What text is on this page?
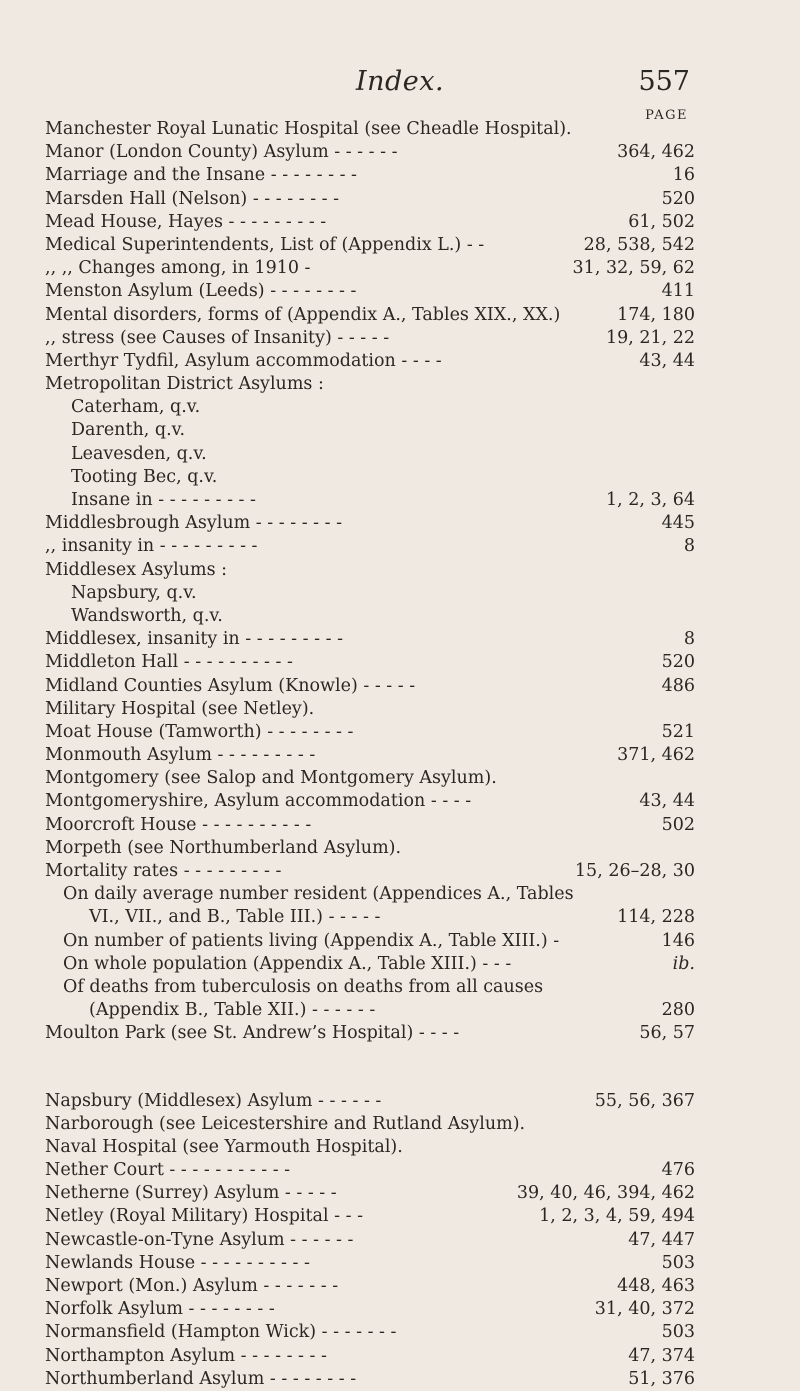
Index.	557
PAGE
Manchester Royal Lunatic Hospital (see Cheadle Hospital).
Manor (London County) Asylum - - - - - -	364, 462
Marriage and the Insane - - - - - - - -	16
Marsden Hall (Nelson) - - - - - - - -	520
Mead House, Hayes - - - - - - - - -	61, 502
Medical Superintendents, List of (Appendix L.) - -	28, 538, 542
,, ,, Changes among, in 1910 -	31, 32, 59, 62
Menston Asylum (Leeds) - - - - - - - -	411
Mental disorders, forms of (Appendix A., Tables XIX., XX.)	174, 180
,, stress (see Causes of Insanity) - - - - -	19, 21, 22
Merthyr Tydfil, Asylum accommodation - - - -	43, 44
Metropolitan District Asylums :
Caterham, q.v.
Darenth, q.v.
Leavesden, q.v.
Tooting Bec, q.v.
Insane in - - - - - - - - -	1, 2, 3, 64
Middlesbrough Asylum - - - - - - - -	445
,, insanity in - - - - - - - - -	8
Middlesex Asylums :
Napsbury, q.v.
Wandsworth, q.v.
Middlesex, insanity in - - - - - - - - -	8
Middleton Hall - - - - - - - - - -	520
Midland Counties Asylum (Knowle) - - - - -	486
Military Hospital (see Netley).
Moat House (Tamworth) - - - - - - - -	521
Monmouth Asylum - - - - - - - - -	371, 462
Montgomery (see Salop and Montgomery Asylum).
Montgomeryshire, Asylum accommodation - - - -	43, 44
Moorcroft House - - - - - - - - - -	502
Morpeth (see Northumberland Asylum).
Mortality rates - - - - - - - - -	15, 26–28, 30
On daily average number resident (Appendices A., Tables
VI., VII., and B., Table III.) - - - - -	114, 228
On number of patients living (Appendix A., Table XIII.) -	146
On whole population (Appendix A., Table XIII.) - - -	ib.
Of deaths from tuberculosis on deaths from all causes
(Appendix B., Table XII.) - - - - - -	280
Moulton Park (see St. Andrew’s Hospital) - - - -	56, 57
Napsbury (Middlesex) Asylum - - - - - -	55, 56, 367
Narborough (see Leicestershire and Rutland Asylum).
Naval Hospital (see Yarmouth Hospital).
Nether Court - - - - - - - - - - -	476
Netherne (Surrey) Asylum - - - - -	39, 40, 46, 394, 462
Netley (Royal Military) Hospital - - -	1, 2, 3, 4, 59, 494
Newcastle-on-Tyne Asylum - - - - - -	47, 447
Newlands House - - - - - - - - - -	503
Newport (Mon.) Asylum - - - - - - -	448, 463
Norfolk Asylum - - - - - - - -	31, 40, 372
Normansfield (Hampton Wick) - - - - - - -	503
Northampton Asylum - - - - - - - -	47, 374
Northumberland Asylum - - - - - - - -	51, 376
